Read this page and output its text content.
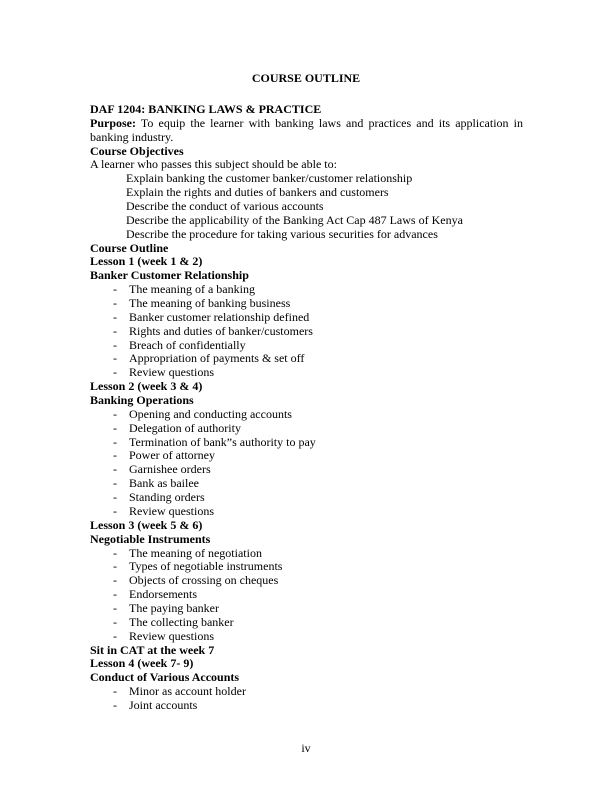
COURSE OUTLINE
DAF 1204: BANKING LAWS & PRACTICE
Purpose: To equip the learner with banking laws and practices and its application in banking industry.
Course Objectives
A learner who passes this subject should be able to:
Explain banking the customer banker/customer relationship
Explain the rights and duties of bankers and customers
Describe the conduct of various accounts
Describe the applicability of the Banking Act Cap 487 Laws of Kenya
Describe the procedure for taking various securities for advances
Course Outline
Lesson 1 (week 1 & 2)
Banker Customer Relationship
- The meaning of a banking
- The meaning of banking business
- Banker customer relationship defined
- Rights and duties of banker/customers
- Breach of confidentially
- Appropriation of payments & set off
- Review questions
Lesson 2 (week 3 & 4)
Banking Operations
- Opening and conducting accounts
- Delegation of authority
- Termination of bank”s authority to pay
- Power of attorney
- Garnishee orders
- Bank as bailee
- Standing orders
- Review questions
Lesson 3 (week 5 & 6)
Negotiable Instruments
- The meaning of negotiation
- Types of negotiable instruments
- Objects of crossing on cheques
- Endorsements
- The paying banker
- The collecting banker
- Review questions
Sit in CAT at the week 7
Lesson 4 (week 7- 9)
Conduct of Various Accounts
- Minor as account holder
- Joint accounts
iv
